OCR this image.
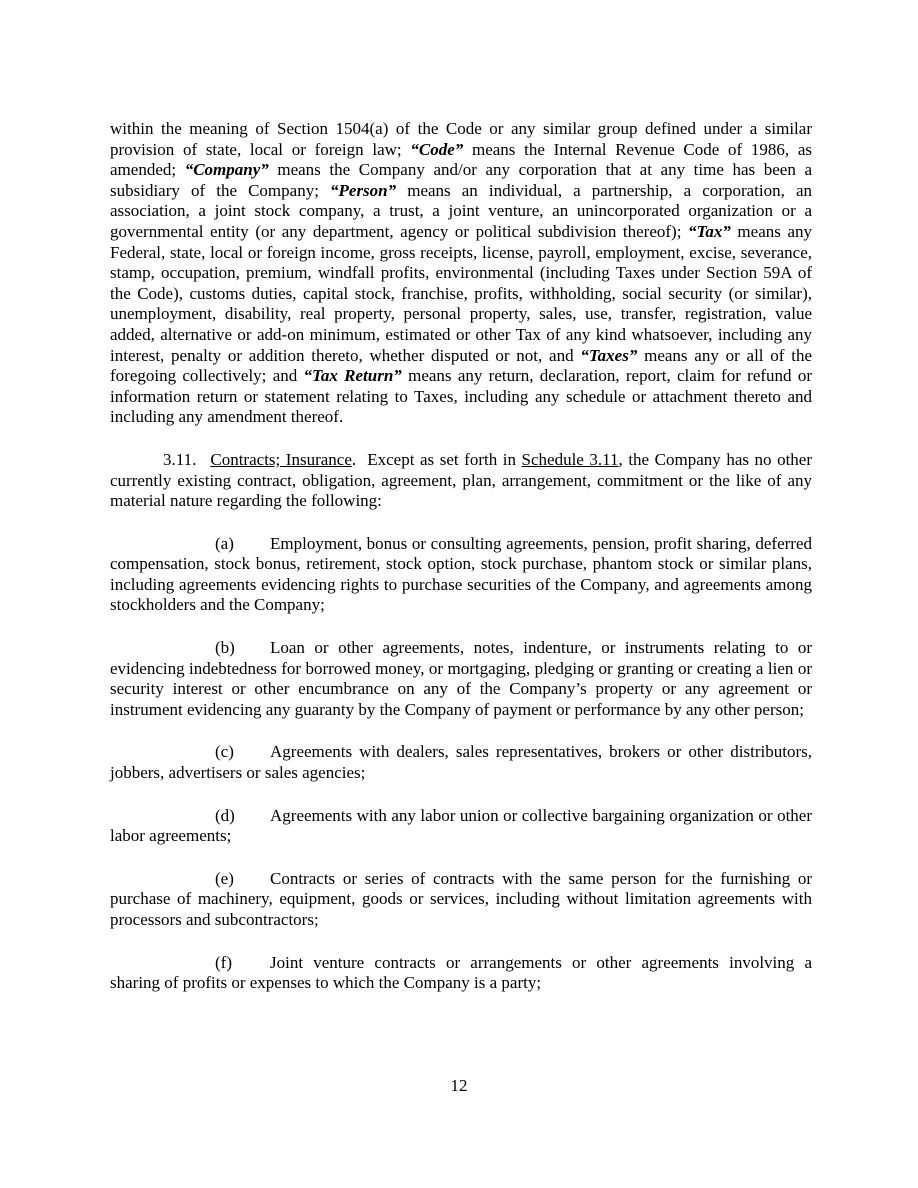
within the meaning of Section 1504(a) of the Code or any similar group defined under a similar provision of state, local or foreign law; “Code” means the Internal Revenue Code of 1986, as amended; “Company” means the Company and/or any corporation that at any time has been a subsidiary of the Company; “Person” means an individual, a partnership, a corporation, an association, a joint stock company, a trust, a joint venture, an unincorporated organization or a governmental entity (or any department, agency or political subdivision thereof); “Tax” means any Federal, state, local or foreign income, gross receipts, license, payroll, employment, excise, severance, stamp, occupation, premium, windfall profits, environmental (including Taxes under Section 59A of the Code), customs duties, capital stock, franchise, profits, withholding, social security (or similar), unemployment, disability, real property, personal property, sales, use, transfer, registration, value added, alternative or add-on minimum, estimated or other Tax of any kind whatsoever, including any interest, penalty or addition thereto, whether disputed or not, and “Taxes” means any or all of the foregoing collectively; and “Tax Return” means any return, declaration, report, claim for refund or information return or statement relating to Taxes, including any schedule or attachment thereto and including any amendment thereof.

3.11. Contracts; Insurance.  Except as set forth in Schedule 3.11, the Company has no other currently existing contract, obligation, agreement, plan, arrangement, commitment or the like of any material nature regarding the following:

(a) Employment, bonus or consulting agreements, pension, profit sharing, deferred compensation, stock bonus, retirement, stock option, stock purchase, phantom stock or similar plans, including agreements evidencing rights to purchase securities of the Company, and agreements among stockholders and the Company;

(b) Loan or other agreements, notes, indenture, or instruments relating to or evidencing indebtedness for borrowed money, or mortgaging, pledging or granting or creating a lien or security interest or other encumbrance on any of the Company’s property or any agreement or instrument evidencing any guaranty by the Company of payment or performance by any other person;

(c) Agreements with dealers, sales representatives, brokers or other distributors, jobbers, advertisers or sales agencies;

(d) Agreements with any labor union or collective bargaining organization or other labor agreements;

(e) Contracts or series of contracts with the same person for the furnishing or purchase of machinery, equipment, goods or services, including without limitation agreements with processors and subcontractors;

(f) Joint venture contracts or arrangements or other agreements involving a sharing of profits or expenses to which the Company is a party;

12
